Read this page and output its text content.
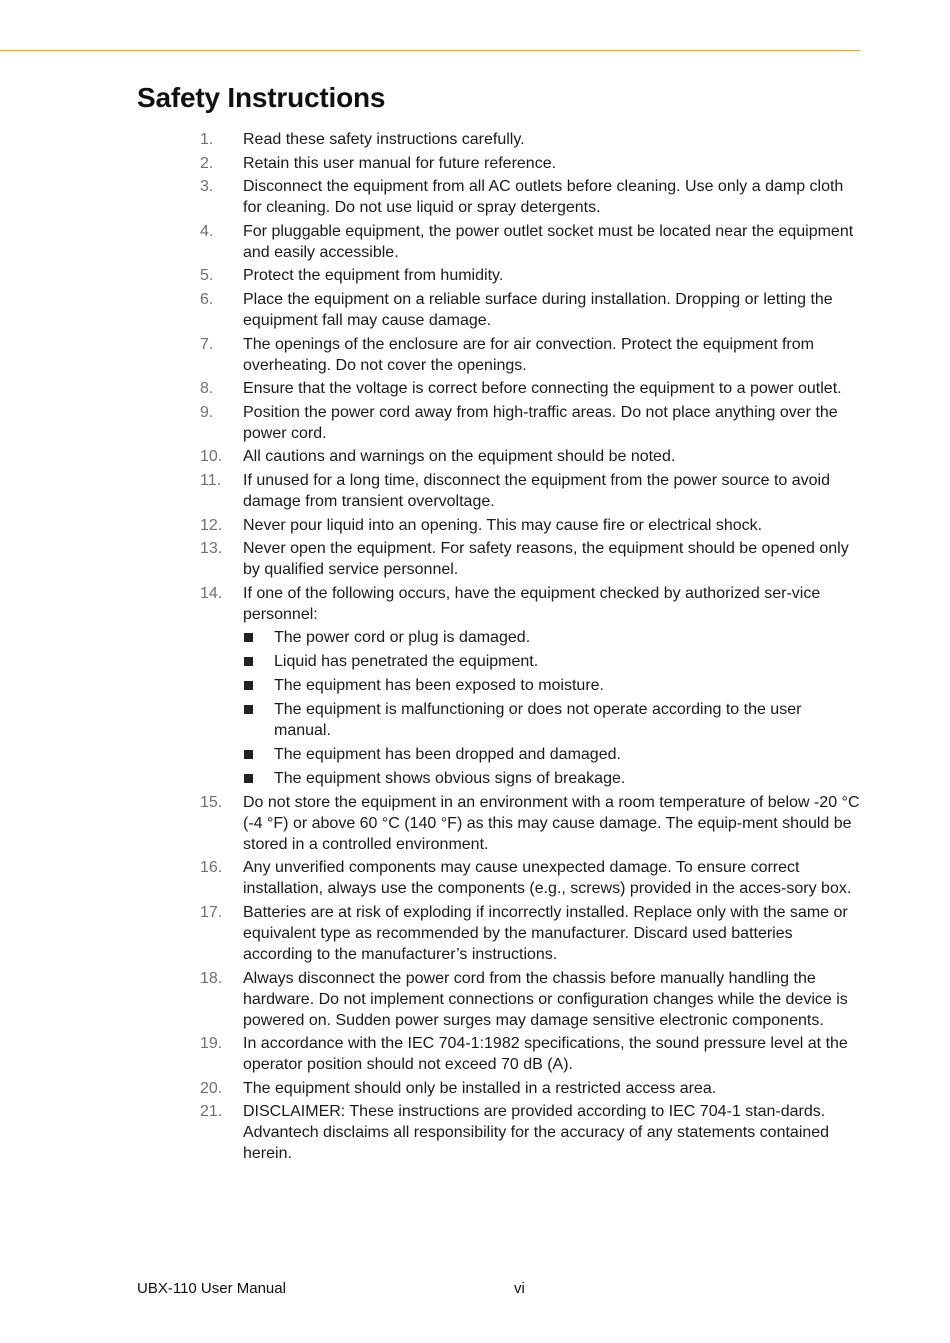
Safety Instructions
1.	Read these safety instructions carefully.
2.	Retain this user manual for future reference.
3.	Disconnect the equipment from all AC outlets before cleaning. Use only a damp cloth for cleaning. Do not use liquid or spray detergents.
4.	For pluggable equipment, the power outlet socket must be located near the equipment and easily accessible.
5.	Protect the equipment from humidity.
6.	Place the equipment on a reliable surface during installation. Dropping or letting the equipment fall may cause damage.
7.	The openings of the enclosure are for air convection. Protect the equipment from overheating. Do not cover the openings.
8.	Ensure that the voltage is correct before connecting the equipment to a power outlet.
9.	Position the power cord away from high-traffic areas. Do not place anything over the power cord.
10.	All cautions and warnings on the equipment should be noted.
11.	If unused for a long time, disconnect the equipment from the power source to avoid damage from transient overvoltage.
12.	Never pour liquid into an opening. This may cause fire or electrical shock.
13.	Never open the equipment. For safety reasons, the equipment should be opened only by qualified service personnel.
14.	If one of the following occurs, have the equipment checked by authorized ser-vice personnel:
The power cord or plug is damaged.
Liquid has penetrated the equipment.
The equipment has been exposed to moisture.
The equipment is malfunctioning or does not operate according to the user manual.
The equipment has been dropped and damaged.
The equipment shows obvious signs of breakage.
15.	Do not store the equipment in an environment with a room temperature of below -20 °C (-4 °F) or above 60 °C (140 °F) as this may cause damage. The equip-ment should be stored in a controlled environment.
16.	Any unverified components may cause unexpected damage. To ensure correct installation, always use the components (e.g., screws) provided in the acces-sory box.
17.	Batteries are at risk of exploding if incorrectly installed. Replace only with the same or equivalent type as recommended by the manufacturer. Discard used batteries according to the manufacturer’s instructions.
18.	Always disconnect the power cord from the chassis before manually handling the hardware. Do not implement connections or configuration changes while the device is powered on. Sudden power surges may damage sensitive electronic components.
19.	In accordance with the IEC 704-1:1982 specifications, the sound pressure level at the operator position should not exceed 70 dB (A).
20.	The equipment should only be installed in a restricted access area.
21.	DISCLAIMER: These instructions are provided according to IEC 704-1 stan-dards. Advantech disclaims all responsibility for the accuracy of any statements contained herein.
UBX-110 User Manual	vi
